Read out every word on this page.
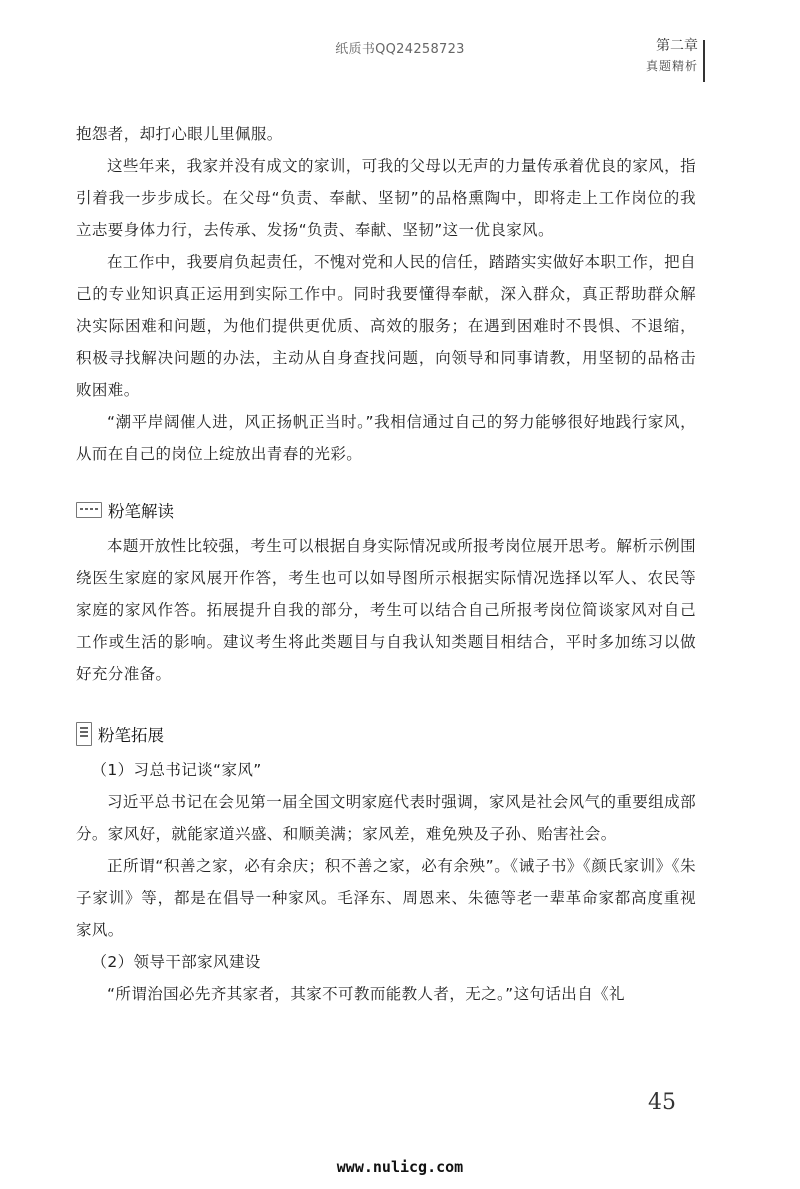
纸质书QQ24258723	第二章
真题精析

抱怨者，却打心眼儿里佩服。

这些年来，我家并没有成文的家训，可我的父母以无声的力量传承着优良的家风，指引着我一步步成长。在父母“负责、奉献、坚韧”的品格熏陶中，即将走上工作岗位的我立志要身体力行，去传承、发扬“负责、奉献、坚韧”这一优良家风。

在工作中，我要肩负起责任，不愧对党和人民的信任，踏踏实实做好本职工作，把自己的专业知识真正运用到实际工作中。同时我要懂得奉献，深入群众，真正帮助群众解决实际困难和问题，为他们提供更优质、高效的服务；在遇到困难时不畏惧、不退缩，积极寻找解决问题的办法，主动从自身查找问题，向领导和同事请教，用坚韧的品格击败困难。

“潮平岸阔催人进，风正扬帆正当时。”我相信通过自己的努力能够很好地践行家风，从而在自己的岗位上绽放出青春的光彩。

粉笔解读

本题开放性比较强，考生可以根据自身实际情况或所报考岗位展开思考。解析示例围绕医生家庭的家风展开作答，考生也可以如导图所示根据实际情况选择以军人、农民等家庭的家风作答。拓展提升自我的部分，考生可以结合自己所报考岗位简谈家风对自己工作或生活的影响。建议考生将此类题目与自我认知类题目相结合，平时多加练习以做好充分准备。

粉笔拓展

（1）习总书记谈“家风”

习近平总书记在会见第一届全国文明家庭代表时强调，家风是社会风气的重要组成部分。家风好，就能家道兴盛、和顺美满；家风差，难免殃及子孙、贻害社会。

正所谓“积善之家，必有余庆；积不善之家，必有余殃”。《诫子书》《颜氏家训》《朱子家训》等，都是在倡导一种家风。毛泽东、周恩来、朱德等老一辈革命家都高度重视家风。

（2）领导干部家风建设

“所谓治国必先齐其家者，其家不可教而能教人者，无之。”这句话出自《礼

45
www.nulicg.com
